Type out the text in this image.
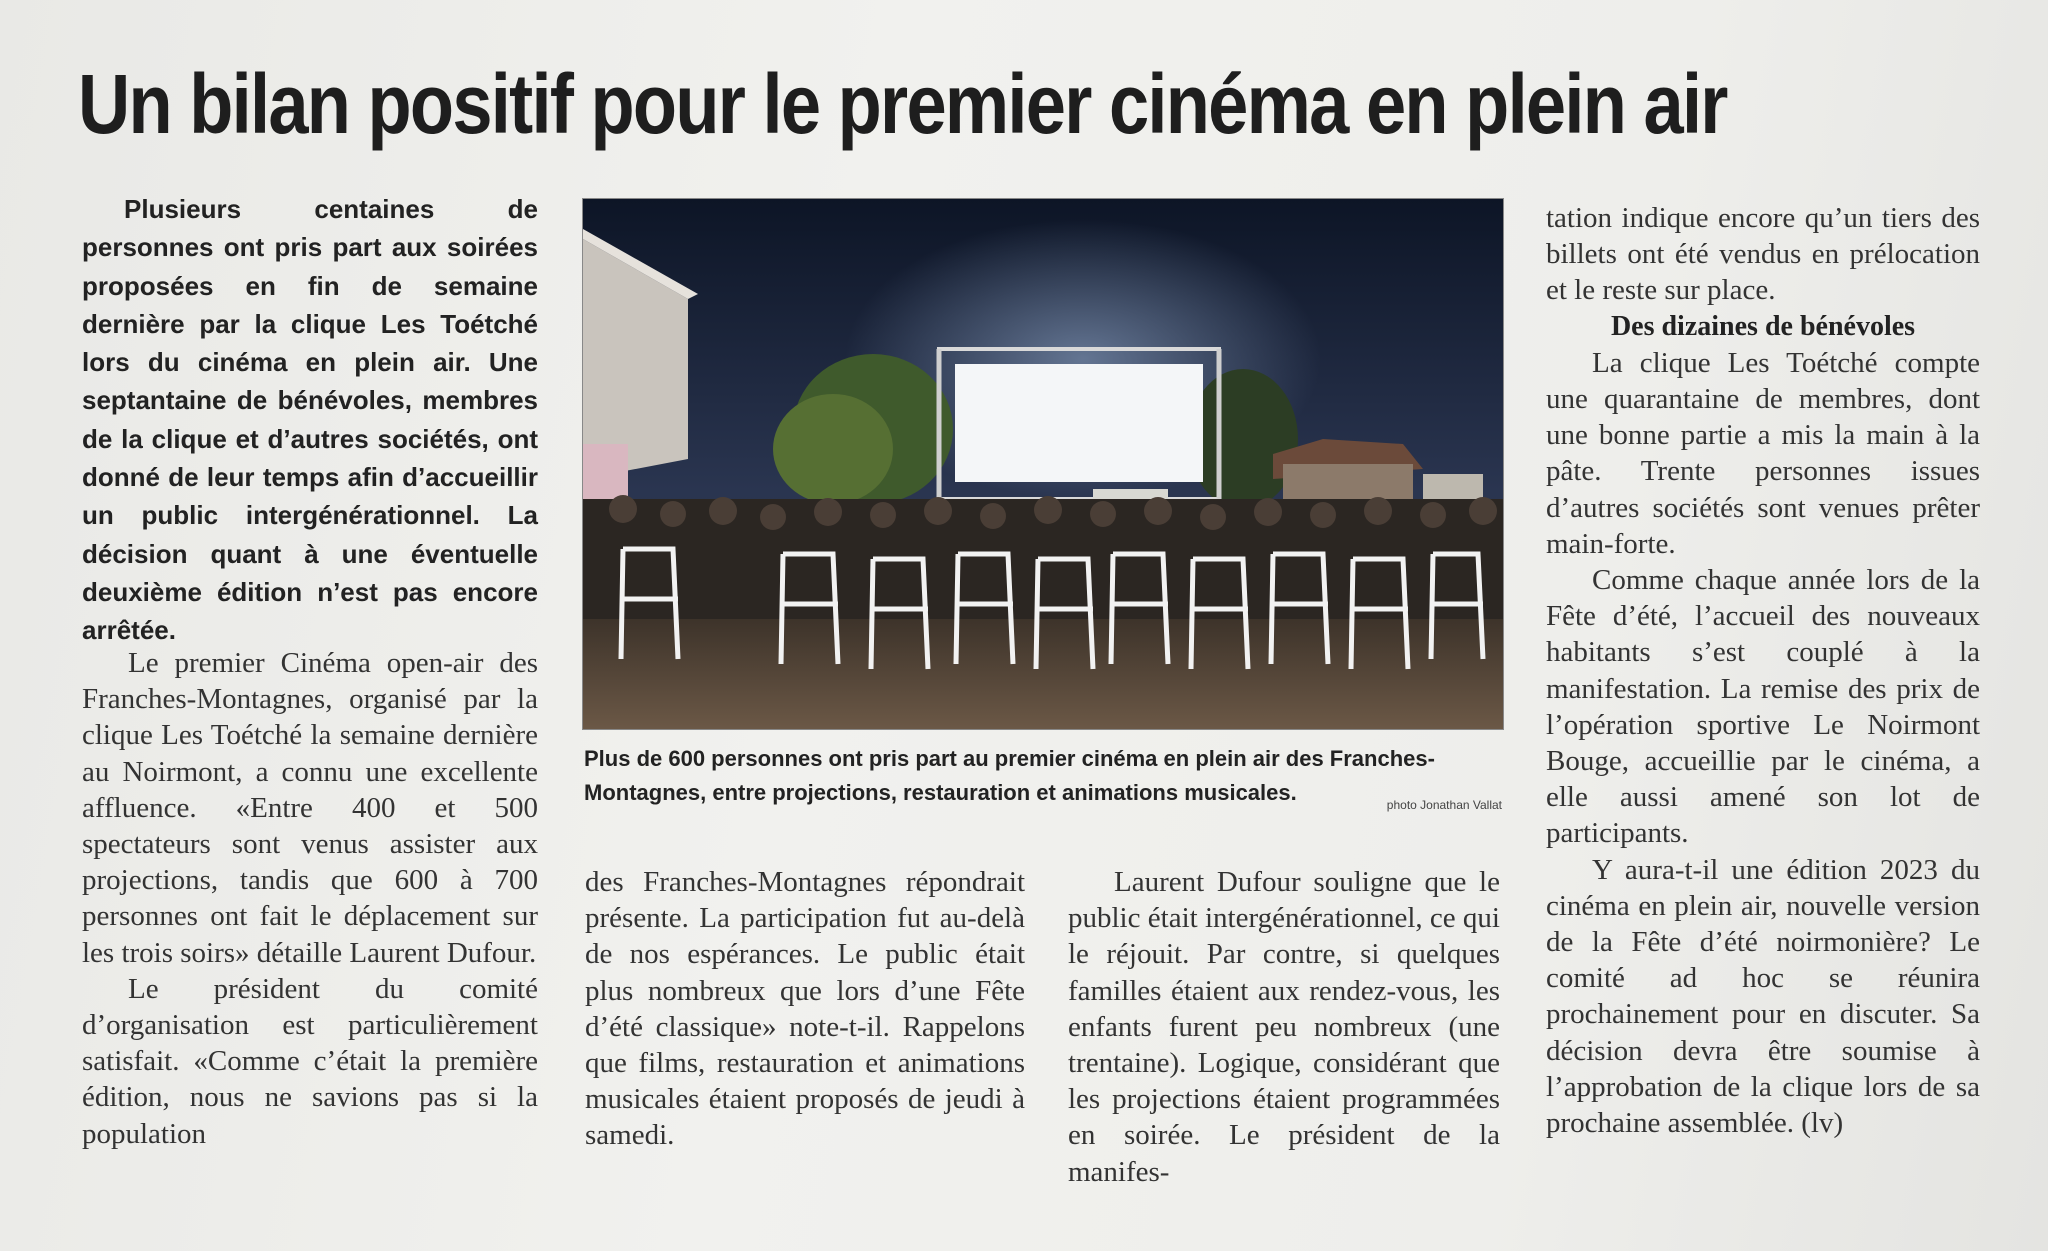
Un bilan positif pour le premier cinéma en plein air

Plusieurs centaines de personnes ont pris part aux soirées proposées en fin de semaine dernière par la clique Les Toétché lors du cinéma en plein air. Une septantaine de bénévoles, membres de la clique et d’autres sociétés, ont donné de leur temps afin d’accueillir un public intergénérationnel. La décision quant à une éventuelle deuxième édition n’est pas encore arrêtée.

Le premier Cinéma open-air des Franches-Montagnes, organisé par la clique Les Toétché la semaine dernière au Noirmont, a connu une excellente affluence. «Entre 400 et 500 spectateurs sont venus assister aux projections, tandis que 600 à 700 personnes ont fait le déplacement sur les trois soirs» détaille Laurent Dufour.

Le président du comité d’organisation est particulièrement satisfait. «Comme c’était la première édition, nous ne savions pas si la population

Plus de 600 personnes ont pris part au premier cinéma en plein air des Franches-Montagnes, entre projections, restauration et animations musicales.	photo Jonathan Vallat

des Franches-Montagnes répondrait présente. La participation fut au-delà de nos espérances. Le public était plus nombreux que lors d’une Fête d’été classique» note-t-il. Rappelons que films, restauration et animations musicales étaient proposés de jeudi à samedi.

Laurent Dufour souligne que le public était intergénérationnel, ce qui le réjouit. Par contre, si quelques familles étaient aux rendez-vous, les enfants furent peu nombreux (une trentaine). Logique, considérant que les projections étaient programmées en soirée. Le président de la manifes-

tation indique encore qu’un tiers des billets ont été vendus en prélocation et le reste sur place.

Des dizaines de bénévoles

La clique Les Toétché compte une quarantaine de membres, dont une bonne partie a mis la main à la pâte. Trente personnes issues d’autres sociétés sont venues prêter main-forte.

Comme chaque année lors de la Fête d’été, l’accueil des nouveaux habitants s’est couplé à la manifestation. La remise des prix de l’opération sportive Le Noirmont Bouge, accueillie par le cinéma, a elle aussi amené son lot de participants.

Y aura-t-il une édition 2023 du cinéma en plein air, nouvelle version de la Fête d’été noirmonière? Le comité ad hoc se réunira prochainement pour en discuter. Sa décision devra être soumise à l’approbation de la clique lors de sa prochaine assemblée. (lv)
